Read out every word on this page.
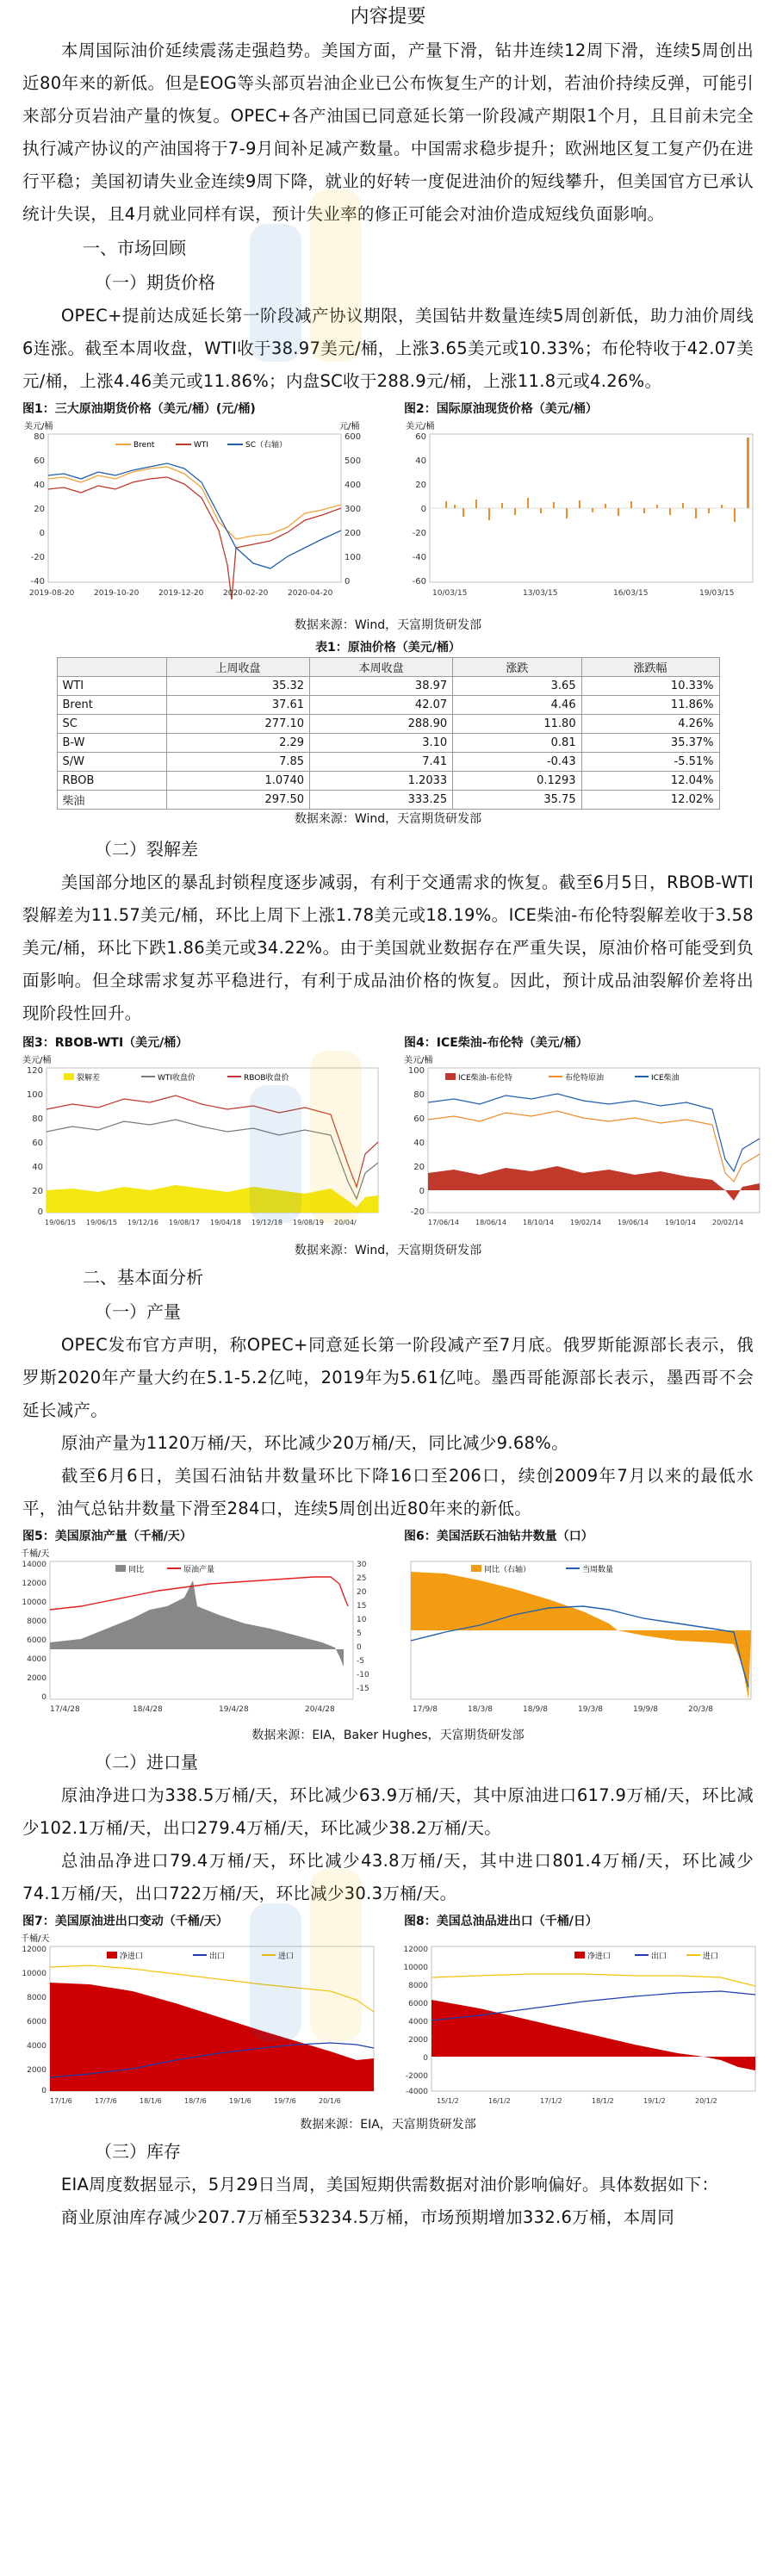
内容提要

本周国际油价延续震荡走强趋势。美国方面，产量下滑，钻井连续12周下滑，连续5周创出近80年来的新低。但是EOG等头部页岩油企业已公布恢复生产的计划，若油价持续反弹，可能引来部分页岩油产量的恢复。OPEC+各产油国已同意延长第一阶段减产期限1个月，且目前未完全执行减产协议的产油国将于7-9月间补足减产数量。中国需求稳步提升；欧洲地区复工复产仍在进行平稳；美国初请失业金连续9周下降，就业的好转一度促进油价的短线攀升，但美国官方已承认统计失误，且4月就业同样有误，预计失业率的修正可能会对油价造成短线负面影响。

一、市场回顾
（一）期货价格

OPEC+提前达成延长第一阶段减产协议期限，美国钻井数量连续5周创新低，助力油价周线6连涨。截至本周收盘，WTI收于38.97美元/桶，上涨3.65美元或10.33%；布伦特收于42.07美元/桶，上涨4.46美元或11.86%；内盘SC收于288.9元/桶，上涨11.8元或4.26%。

图1：三大原油期货价格（美元/桶）(元/桶)
美元/桶	元/桶
80
60
40
20
0
-20
-40
600
500
400
300
200
100
0
Brent	WTI	SC（右轴）
2019-08-20	2019-10-20	2019-12-20	2020-02-20	2020-04-20
图2：国际原油现货价格（美元/桶）
美元/桶
60
40
20
0
-20
-40
-60
10/03/15	13/03/15	16/03/15	19/03/15
数据来源：Wind，天富期货研发部
表1：原油价格（美元/桶）
	上周收盘	本周收盘	涨跌	涨跌幅
WTI	35.32	38.97	3.65	10.33%
Brent	37.61	42.07	4.46	11.86%
SC	277.10	288.90	11.80	4.26%
B-W	2.29	3.10	0.81	35.37%
S/W	7.85	7.41	-0.43	-5.51%
RBOB	1.0740	1.2033	0.1293	12.04%
柴油	297.50	333.25	35.75	12.02%
数据来源：Wind，天富期货研发部
（二）裂解差

美国部分地区的暴乱封锁程度逐步减弱，有利于交通需求的恢复。截至6月5日，RBOB-WTI裂解差为11.57美元/桶，环比上周下上涨1.78美元或18.19%。ICE柴油-布伦特裂解差收于3.58美元/桶，环比下跌1.86美元或34.22%。由于美国就业数据存在严重失误，原油价格可能受到负面影响。但全球需求复苏平稳进行，有利于成品油价格的恢复。因此，预计成品油裂解价差将出现阶段性回升。

图3：RBOB-WTI（美元/桶）
美元/桶
120
100
80
60
40
20
0
裂解差	WTI收盘价	RBOB收盘价
19/06/15 19/06/15 19/12/16 19/08/17 19/04/18 19/12/18 19/08/19 20/04/
图4：ICE柴油-布伦特（美元/桶）
美元/桶
100
80
60
40
20
0
-20
ICE柴油-布伦特	布伦特原油	ICE柴油
17/06/14 18/06/14 18/10/14 19/02/14 19/06/14 19/10/14 20/02/14
数据来源：Wind，天富期货研发部
二、基本面分析
（一）产量

OPEC发布官方声明，称OPEC+同意延长第一阶段减产至7月底。俄罗斯能源部长表示，俄罗斯2020年产量大约在5.1-5.2亿吨，2019年为5.61亿吨。墨西哥能源部长表示，墨西哥不会延长减产。

原油产量为1120万桶/天，环比减少20万桶/天，同比减少9.68%。

截至6月6日，美国石油钻井数量环比下降16口至206口，续创2009年7月以来的最低水平，油气总钻井数量下滑至284口，连续5周创出近80年来的新低。

图5：美国原油产量（千桶/天）
千桶/天
14000
12000
10000
8000
6000
4000
2000
0
30
25
20
15
10
5
0
-5
-10
-15
同比	原油产量
17/4/28	18/4/28	19/4/28	20/4/28
图6：美国活跃石油钻井数量（口）
同比（右轴）	当周数量
17/9/8	18/3/8	18/9/8	19/3/8	19/9/8	20/3/8
数据来源：EIA，Baker Hughes，天富期货研发部
（二）进口量

原油净进口为338.5万桶/天，环比减少63.9万桶/天，其中原油进口617.9万桶/天，环比减少102.1万桶/天，出口279.4万桶/天，环比减少38.2万桶/天。

总油品净进口79.4万桶/天，环比减少43.8万桶/天，其中进口801.4万桶/天，环比减少74.1万桶/天，出口722万桶/天，环比减少30.3万桶/天。

图7：美国原油进出口变动（千桶/天）
千桶/天
12000
10000
8000
6000
4000
2000
0
净进口	出口	进口
17/1/6	17/7/6	18/1/6	18/7/6	19/1/6	19/7/6	20/1/6
图8：美国总油品进出口（千桶/日）
12000
10000
8000
6000
4000
2000
0
-2000
-4000
净进口	出口	进口
15/1/2	16/1/2	17/1/2	18/1/2	19/1/2	20/1/2
数据来源：EIA，天富期货研发部
（三）库存

EIA周度数据显示，5月29日当周，美国短期供需数据对油价影响偏好。具体数据如下：

商业原油库存减少207.7万桶至53234.5万桶，市场预期增加332.6万桶，本周同
